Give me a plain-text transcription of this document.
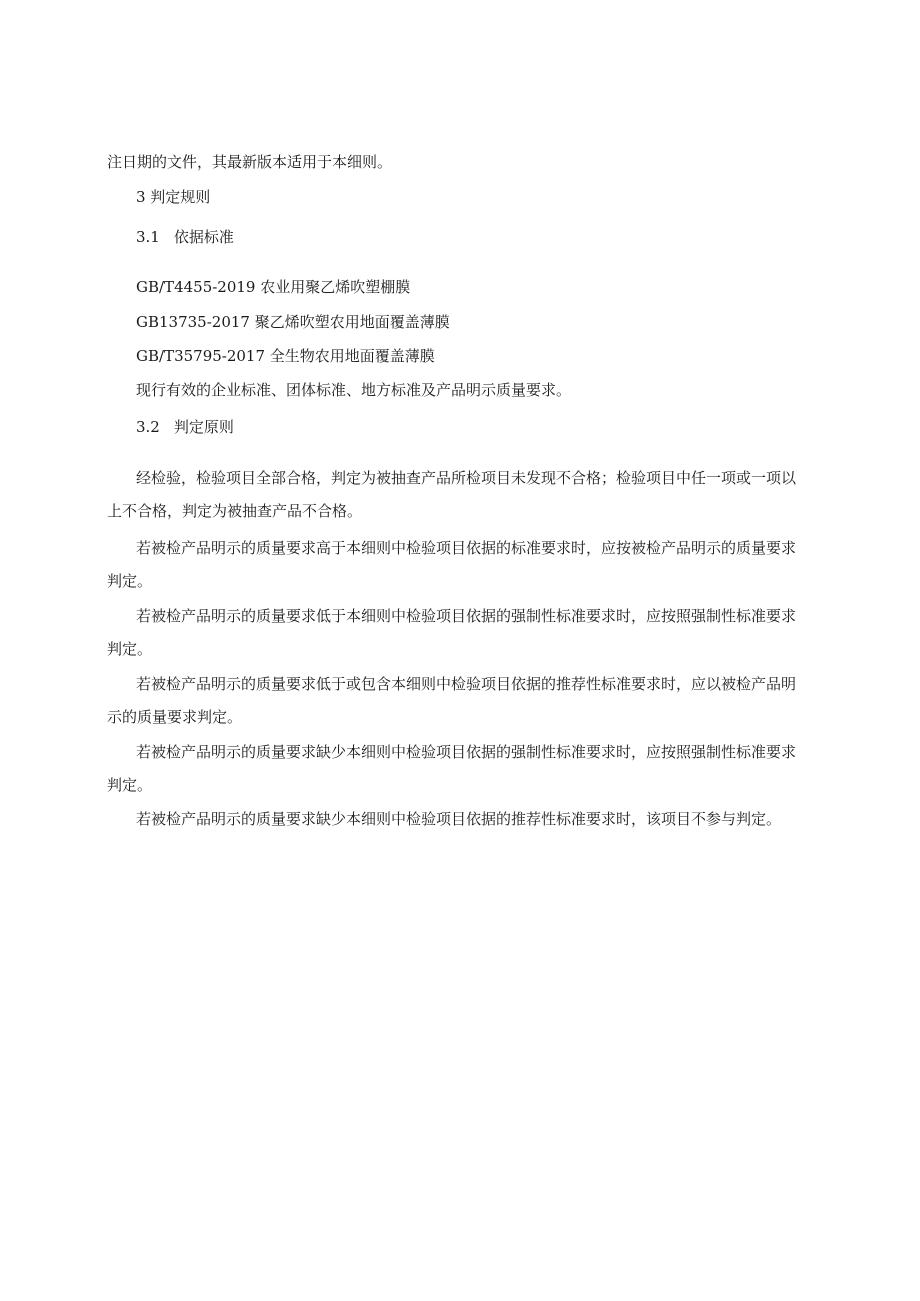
注日期的文件，其最新版本适用于本细则。

3 判定规则

3.1 依据标准

GB/T4455-2019 农业用聚乙烯吹塑棚膜

GB13735-2017 聚乙烯吹塑农用地面覆盖薄膜

GB/T35795-2017 全生物农用地面覆盖薄膜

现行有效的企业标准、团体标准、地方标准及产品明示质量要求。

3.2 判定原则

经检验，检验项目全部合格，判定为被抽查产品所检项目未发现不合格；检验项目中任一项或一项以
上不合格，判定为被抽查产品不合格。
若被检产品明示的质量要求高于本细则中检验项目依据的标准要求时，应按被检产品明示的质量要求
判定。
若被检产品明示的质量要求低于本细则中检验项目依据的强制性标准要求时，应按照强制性标准要求
判定。
若被检产品明示的质量要求低于或包含本细则中检验项目依据的推荐性标准要求时，应以被检产品明
示的质量要求判定。
若被检产品明示的质量要求缺少本细则中检验项目依据的强制性标准要求时，应按照强制性标准要求
判定。
若被检产品明示的质量要求缺少本细则中检验项目依据的推荐性标准要求时，该项目不参与判定。
